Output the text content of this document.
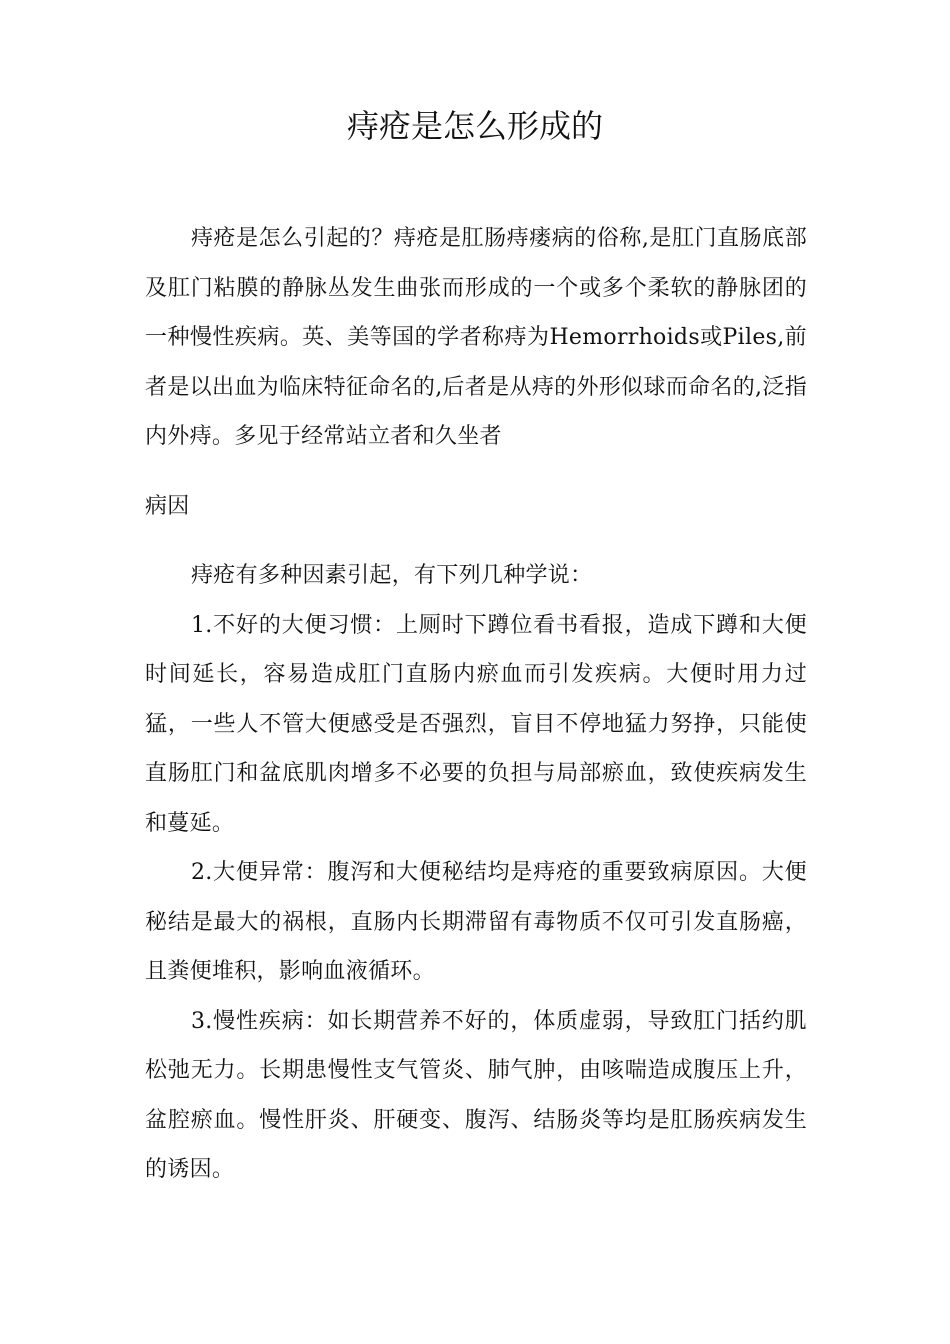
痔疮是怎么形成的

痔疮是怎么引起的？痔疮是肛肠痔瘘病的俗称,是肛门直肠底部及肛门粘膜的静脉丛发生曲张而形成的一个或多个柔软的静脉团的一种慢性疾病。英、美等国的学者称痔为Hemorrhoids或Piles,前者是以出血为临床特征命名的,后者是从痔的外形似球而命名的,泛指内外痔。多见于经常站立者和久坐者

病因

痔疮有多种因素引起，有下列几种学说：

1.不好的大便习惯：上厕时下蹲位看书看报，造成下蹲和大便时间延长，容易造成肛门直肠内瘀血而引发疾病。大便时用力过猛，一些人不管大便感受是否强烈，盲目不停地猛力努挣，只能使直肠肛门和盆底肌肉增多不必要的负担与局部瘀血，致使疾病发生和蔓延。

2.大便异常：腹泻和大便秘结均是痔疮的重要致病原因。大便秘结是最大的祸根，直肠内长期滞留有毒物质不仅可引发直肠癌，且粪便堆积，影响血液循环。

3.慢性疾病：如长期营养不好的，体质虚弱，导致肛门括约肌松弛无力。长期患慢性支气管炎、肺气肿，由咳喘造成腹压上升，盆腔瘀血。慢性肝炎、肝硬变、腹泻、结肠炎等均是肛肠疾病发生的诱因。
